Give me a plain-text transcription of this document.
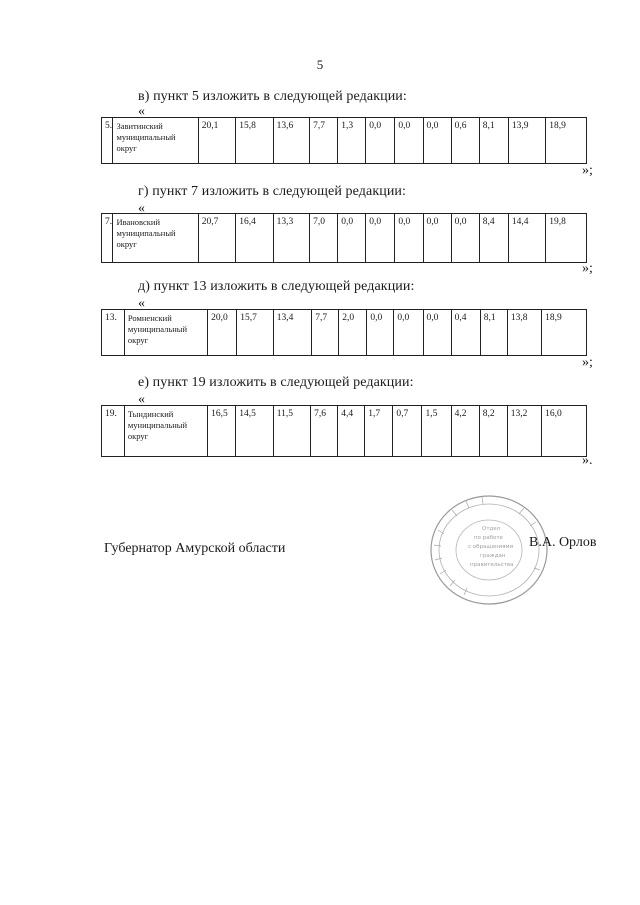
5
в) пункт 5 изложить в следующей редакции:
«
5.	Завитинский муниципальный округ	20,1	15,8	13,6	7,7	1,3	0,0	0,0	0,0	0,6	8,1	13,9	18,9
»;
г) пункт 7 изложить в следующей редакции:
«
7.	Ивановский муниципальный округ	20,7	16,4	13,3	7,0	0,0	0,0	0,0	0,0	0,0	8,4	14,4	19,8
»;
д) пункт 13 изложить в следующей редакции:
«
13.	Ромненский муниципальный округ	20,0	15,7	13,4	7,7	2,0	0,0	0,0	0,0	0,4	8,1	13,8	18,9
»;
е) пункт 19 изложить в следующей редакции:
«
19.	Тындинский муниципальный округ	16,5	14,5	11,5	7,6	4,4	1,7	0,7	1,5	4,2	8,2	13,2	16,0
».
Отдел
по работе
с обращениями
граждан
правительства
Губернатор Амурской области	В.А. Орлов
